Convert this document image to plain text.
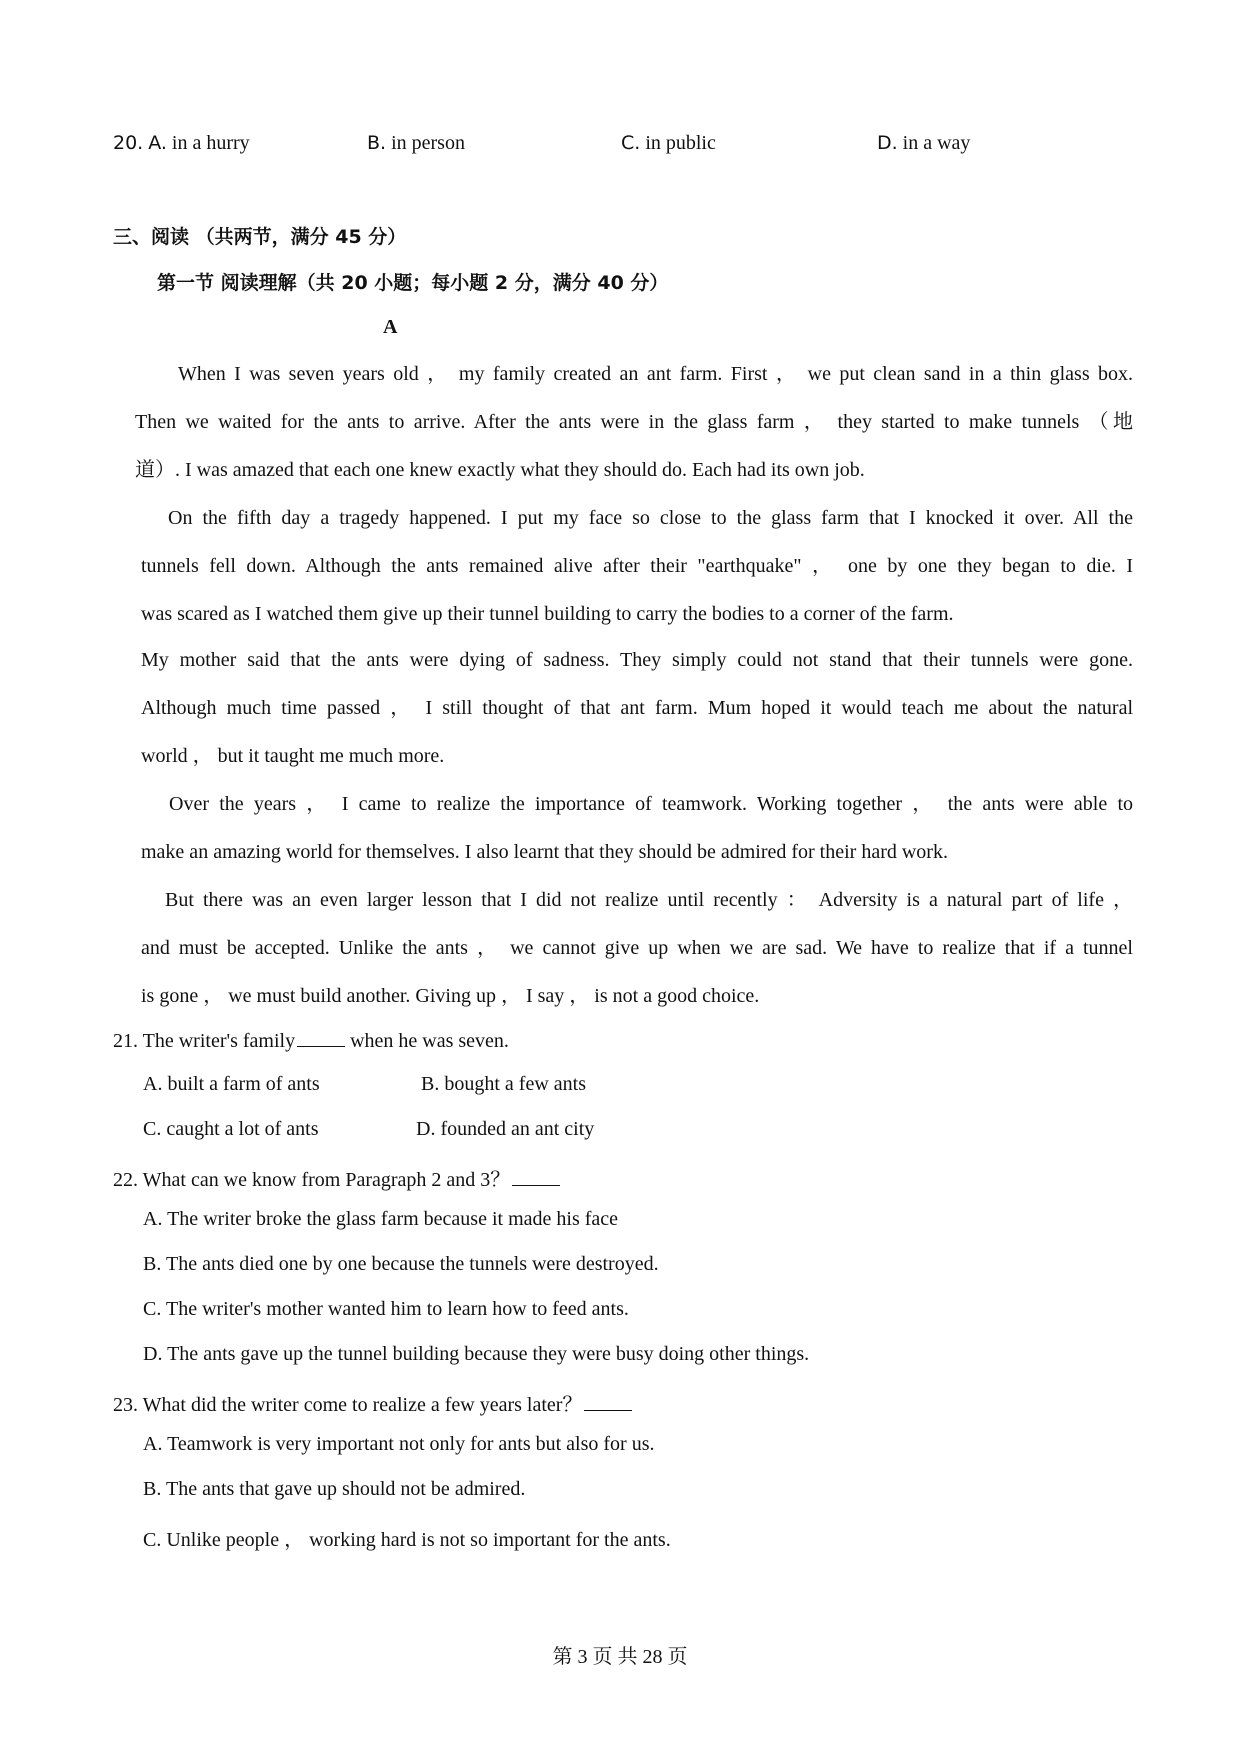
20. A. in a hurry	B. in person	C. in public	D. in a way
三、阅读 （共两节，满分 45 分）
第一节 阅读理解（共 20 小题；每小题 2 分，满分 40 分）
A
When I was seven years old ， my family created an ant farm. First ， we put clean sand in a thin glass box.
Then we waited for the ants to arrive. After the ants were in the glass farm ， they started to make tunnels （地
道）. I was amazed that each one knew exactly what they should do. Each had its own job.
On the fifth day a tragedy happened. I put my face so close to the glass farm that I knocked it over. All the
tunnels fell down. Although the ants remained alive after their "earthquake" ， one by one they began to die. I
was scared as I watched them give up their tunnel building to carry the bodies to a corner of the farm.
My mother said that the ants were dying of sadness. They simply could not stand that their tunnels were gone.
Although much time passed ， I still thought of that ant farm. Mum hoped it would teach me about the natural
world ， but it taught me much more.
Over the years ， I came to realize the importance of teamwork. Working together ， the ants were able to
make an amazing world for themselves. I also learnt that they should be admired for their hard work.
But there was an even larger lesson that I did not realize until recently ： Adversity is a natural part of life ，
and must be accepted. Unlike the ants ， we cannot give up when we are sad. We have to realize that if a tunnel
is gone ， we must build another. Giving up ， I say ， is not a good choice.
21. The writer's family	when he was seven.
A. built a farm of ants	B. bought a few ants
C. caught a lot of ants	D. founded an ant city
22. What can we know from Paragraph 2 and 3？
A. The writer broke the glass farm because it made his face
B. The ants died one by one because the tunnels were destroyed.
C. The writer's mother wanted him to learn how to feed ants.
D. The ants gave up the tunnel building because they were busy doing other things.
23. What did the writer come to realize a few years later？
A. Teamwork is very important not only for ants but also for us.
B. The ants that gave up should not be admired.
C. Unlike people ， working hard is not so important for the ants.
第 3 页 共 28 页
